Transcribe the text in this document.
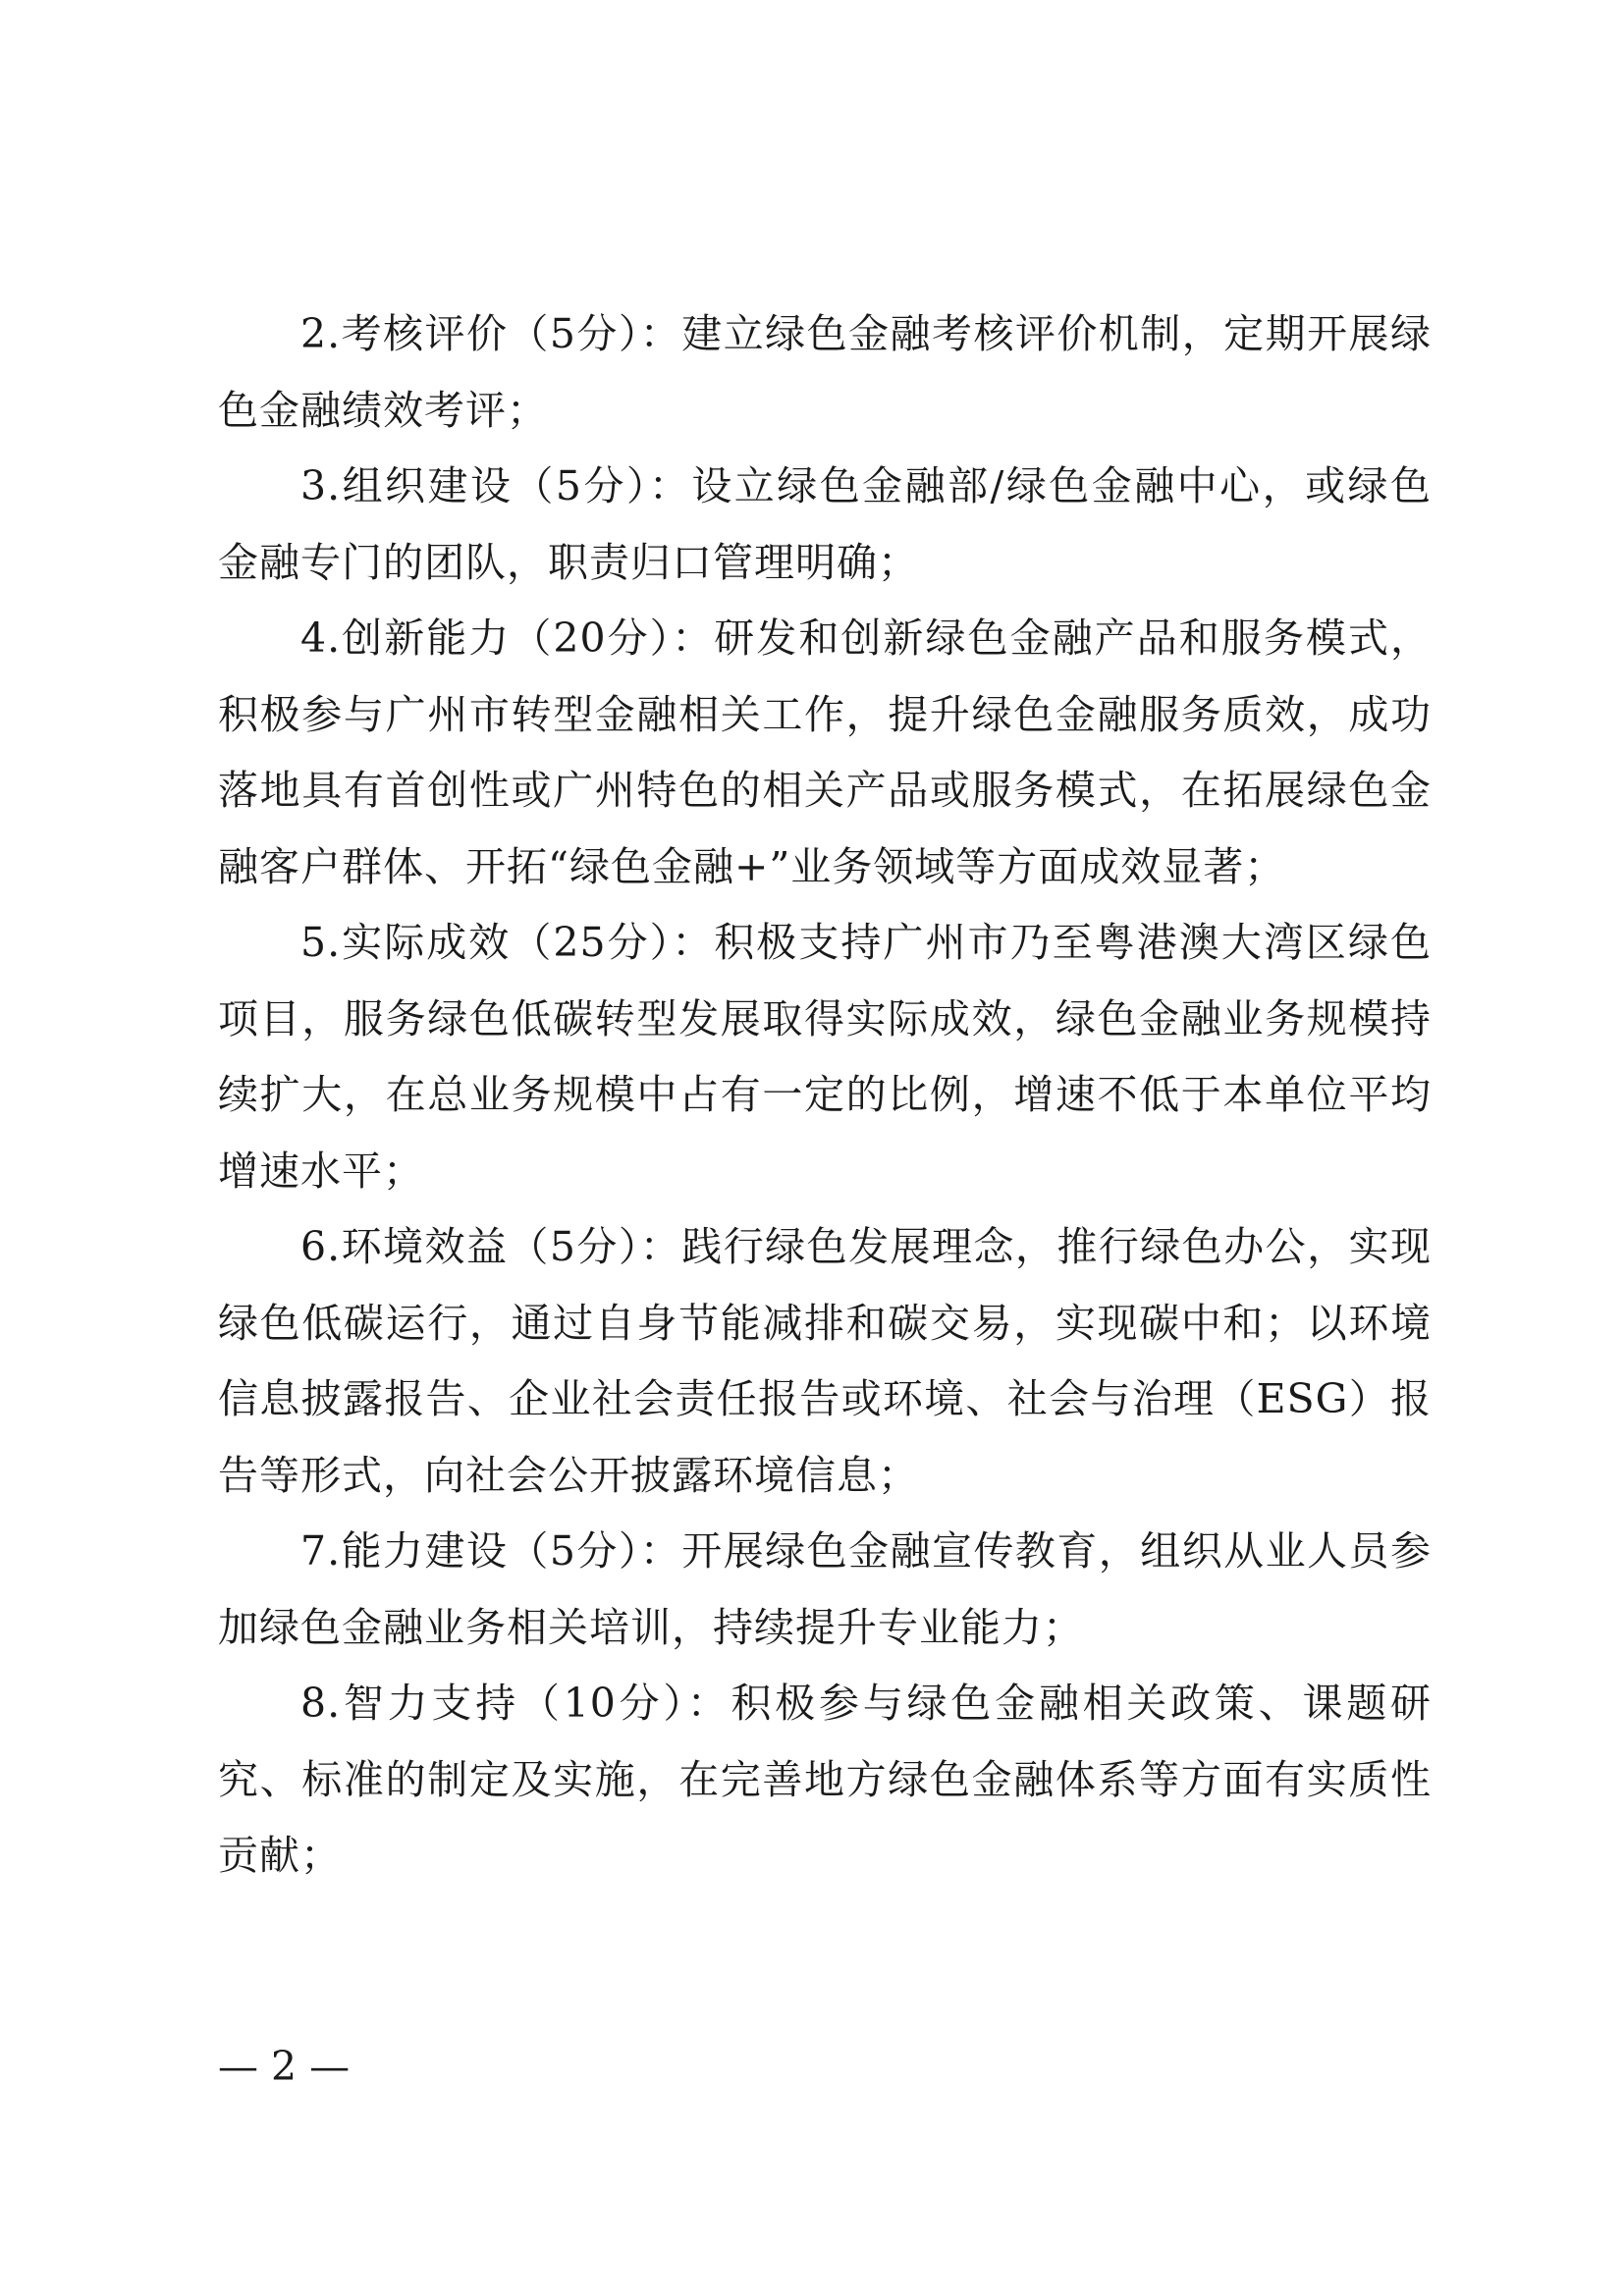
2.考核评价（5分）：建立绿色金融考核评价机制，定期开展绿色金融绩效考评；

3.组织建设（5分）：设立绿色金融部/绿色金融中心，或绿色金融专门的团队，职责归口管理明确；

4.创新能力（20分）：研发和创新绿色金融产品和服务模式，积极参与广州市转型金融相关工作，提升绿色金融服务质效，成功落地具有首创性或广州特色的相关产品或服务模式，在拓展绿色金融客户群体、开拓“绿色金融+”业务领域等方面成效显著；

5.实际成效（25分）：积极支持广州市乃至粤港澳大湾区绿色项目，服务绿色低碳转型发展取得实际成效，绿色金融业务规模持续扩大，在总业务规模中占有一定的比例，增速不低于本单位平均增速水平；

6.环境效益（5分）：践行绿色发展理念，推行绿色办公，实现绿色低碳运行，通过自身节能减排和碳交易，实现碳中和；以环境信息披露报告、企业社会责任报告或环境、社会与治理（ESG）报告等形式，向社会公开披露环境信息；

7.能力建设（5分）：开展绿色金融宣传教育，组织从业人员参加绿色金融业务相关培训，持续提升专业能力；

8.智力支持（10分）：积极参与绿色金融相关政策、课题研究、标准的制定及实施，在完善地方绿色金融体系等方面有实质性贡献；

— 2 —
